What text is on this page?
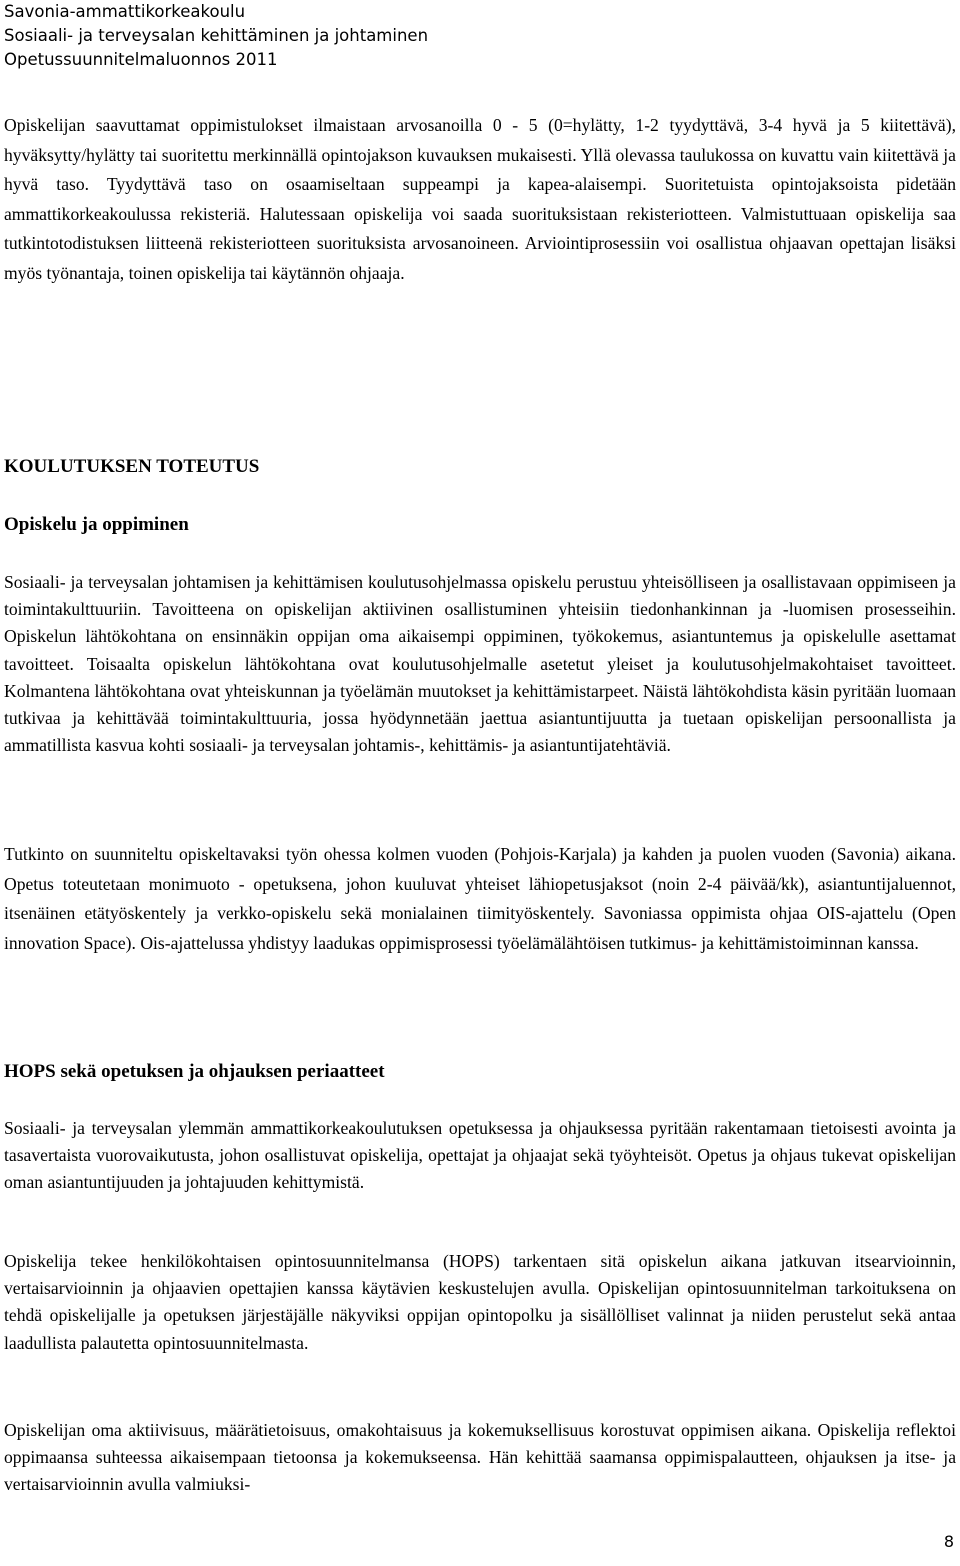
Savonia-ammattikorkeakoulu
Sosiaali- ja terveysalan kehittäminen ja johtaminen
Opetussuunnitelmaluonnos 2011
Opiskelijan saavuttamat oppimistulokset ilmaistaan arvosanoilla 0 - 5 (0=hylätty, 1-2 tyydyttävä, 3-4 hyvä ja 5 kiitettävä), hyväksytty/hylätty tai suoritettu merkinnällä opintojakson kuvauksen mukaisesti. Yllä olevassa taulukossa on kuvattu vain kiitettävä ja hyvä taso. Tyydyttävä taso on osaamiseltaan suppeampi ja kapea-alaisempi. Suoritetuista opintojaksoista pidetään ammattikorkeakoulussa rekisteriä. Halutessaan opiskelija voi saada suorituksistaan rekisteriotteen. Valmistuttuaan opiskelija saa tutkintotodistuksen liitteenä rekisteriotteen suorituksista arvosanoineen. Arviointiprosessiin voi osallistua ohjaavan opettajan lisäksi myös työnantaja, toinen opiskelija tai käytännön ohjaaja.
KOULUTUKSEN TOTEUTUS
Opiskelu ja oppiminen
Sosiaali- ja terveysalan johtamisen ja kehittämisen koulutusohjelmassa opiskelu perustuu yhteisölliseen ja osallistavaan oppimiseen ja toimintakulttuuriin. Tavoitteena on opiskelijan aktiivinen osallistuminen yhteisiin tiedonhankinnan ja -luomisen prosesseihin. Opiskelun lähtökohtana on ensinnäkin oppijan oma aikaisempi oppiminen, työkokemus, asiantuntemus ja opiskelulle asettamat tavoitteet. Toisaalta opiskelun lähtökohtana ovat koulutusohjelmalle asetetut yleiset ja koulutusohjelmakohtaiset tavoitteet. Kolmantena lähtökohtana ovat yhteiskunnan ja työelämän muutokset ja kehittämistarpeet. Näistä lähtökohdista käsin pyritään luomaan tutkivaa ja kehittävää toimintakulttuuria, jossa hyödynnetään jaettua asiantuntijuutta ja tuetaan opiskelijan persoonallista ja ammatillista kasvua kohti sosiaali- ja terveysalan johtamis-, kehittämis- ja asiantuntijatehtäviä.
Tutkinto on suunniteltu opiskeltavaksi työn ohessa kolmen vuoden (Pohjois-Karjala) ja kahden ja puolen vuoden (Savonia) aikana. Opetus toteutetaan monimuoto - opetuksena, johon kuuluvat yhteiset lähiopetusjaksot (noin 2-4 päivää/kk), asiantuntijaluennot, itsenäinen etätyöskentely ja verkko-opiskelu sekä monialainen tiimityöskentely. Savoniassa oppimista ohjaa OIS-ajattelu (Open innovation Space). Ois-ajattelussa yhdistyy laadukas oppimisprosessi työelämälähtöisen tutkimus- ja kehittämistoiminnan kanssa.
HOPS sekä opetuksen ja ohjauksen periaatteet
Sosiaali- ja terveysalan ylemmän ammattikorkeakoulutuksen opetuksessa ja ohjauksessa pyritään rakentamaan tietoisesti avointa ja tasavertaista vuorovaikutusta, johon osallistuvat opiskelija, opettajat ja ohjaajat sekä työyhteisöt. Opetus ja ohjaus tukevat opiskelijan oman asiantuntijuuden ja johtajuuden kehittymistä.
Opiskelija tekee henkilökohtaisen opintosuunnitelmansa (HOPS) tarkentaen sitä opiskelun aikana jatkuvan itsearvioinnin, vertaisarvioinnin ja ohjaavien opettajien kanssa käytävien keskustelujen avulla. Opiskelijan opintosuunnitelman tarkoituksena on tehdä opiskelijalle ja opetuksen järjestäjälle näkyviksi oppijan opintopolku ja sisällölliset valinnat ja niiden perustelut sekä antaa laadullista palautetta opintosuunnitelmasta.
Opiskelijan oma aktiivisuus, määrätietoisuus, omakohtaisuus ja kokemuksellisuus korostuvat oppimisen aikana. Opiskelija reflektoi oppimaansa suhteessa aikaisempaan tietoonsa ja kokemukseensa. Hän kehittää saamansa oppimispalautteen, ohjauksen ja itse- ja vertaisarvioinnin avulla valmiuksi-
8
